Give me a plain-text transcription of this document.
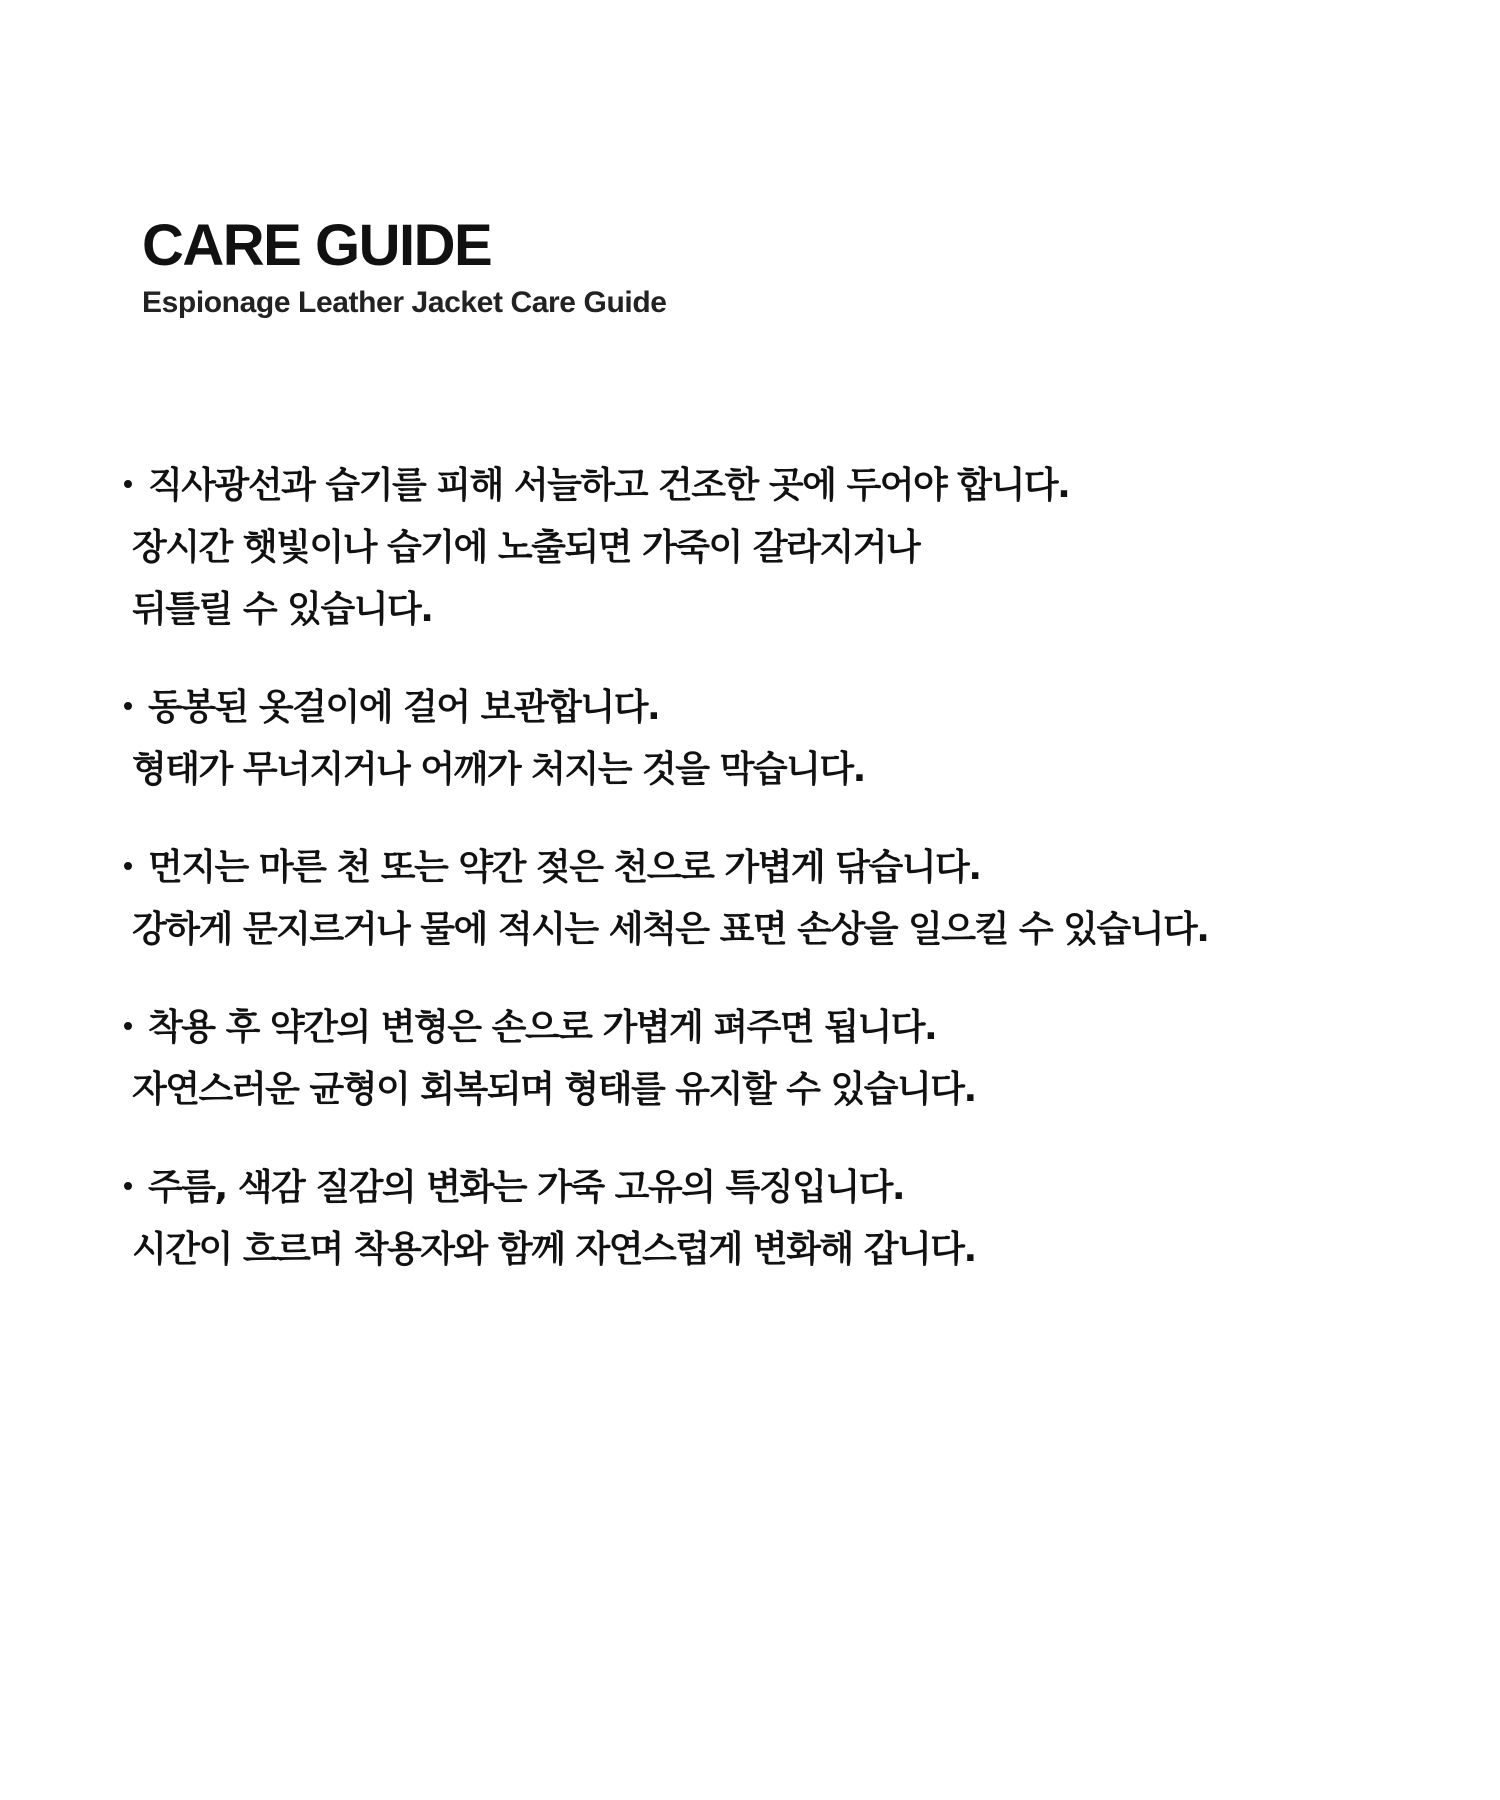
CARE GUIDE
Espionage Leather Jacket Care Guide
직사광선과 습기를 피해 서늘하고 건조한 곳에 두어야 합니다.
장시간 햇빛이나 습기에 노출되면 가죽이 갈라지거나
뒤틀릴 수 있습니다.
동봉된 옷걸이에 걸어 보관합니다.
형태가 무너지거나 어깨가 처지는 것을 막습니다.
먼지는 마른 천 또는 약간 젖은 천으로 가볍게 닦습니다.
강하게 문지르거나 물에 적시는 세척은 표면 손상을 일으킬 수 있습니다.
착용 후 약간의 변형은 손으로 가볍게 펴주면 됩니다.
자연스러운 균형이 회복되며 형태를 유지할 수 있습니다.
주름, 색감 질감의 변화는 가죽 고유의 특징입니다.
시간이 흐르며 착용자와 함께 자연스럽게 변화해 갑니다.
